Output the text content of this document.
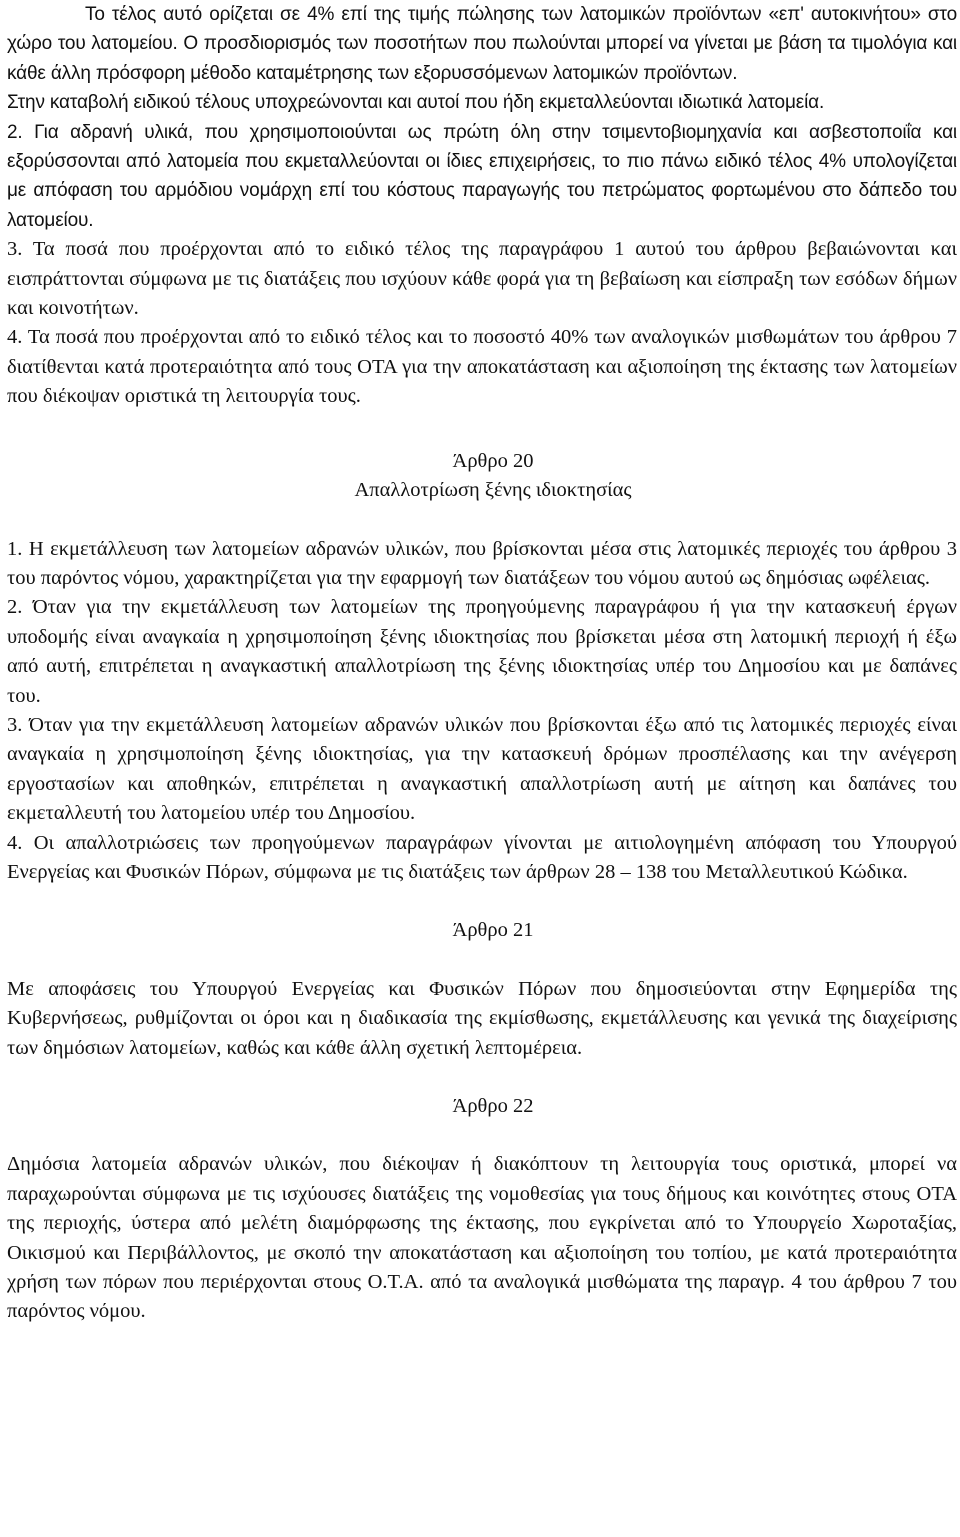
Το τέλος αυτό ορίζεται σε 4% επί της τιμής πώλησης των λατομικών προϊόντων «επ' αυτοκινήτου» στο χώρο του λατομείου. Ο προσδιορισμός των ποσοτήτων που πωλούνται μπορεί να γίνεται με βάση τα τιμολόγια και κάθε άλλη πρόσφορη μέθοδο καταμέτρησης των εξορυσσόμενων λατομικών προϊόντων.

Στην καταβολή ειδικού τέλους υποχρεώνονται και αυτοί που ήδη εκμεταλλεύονται ιδιωτικά λατομεία.

2. Για αδρανή υλικά, που χρησιμοποιούνται ως πρώτη όλη στην τσιμεντοβιομηχανία και ασβεστοποιΐα και εξορύσσονται από λατομεία που εκμεταλλεύονται οι ίδιες επιχειρήσεις, το πιο πάνω ειδικό τέλος 4% υπολογίζεται με απόφαση του αρμόδιου νομάρχη επί του κόστους παραγωγής του πετρώματος φορτωμένου στο δάπεδο του λατομείου.

3. Τα ποσά που προέρχονται από το ειδικό τέλος της παραγράφου 1 αυτού του άρθρου βεβαιώνονται και εισπράττονται σύμφωνα με τις διατάξεις που ισχύουν κάθε φορά για τη βεβαίωση και είσπραξη των εσόδων δήμων και κοινοτήτων.

4. Τα ποσά που προέρχονται από το ειδικό τέλος και το ποσοστό 40% των αναλογικών μισθωμάτων του άρθρου 7 διατίθενται κατά προτεραιότητα από τους ΟΤΑ για την αποκατάσταση και αξιοποίηση της έκτασης των λατομείων που διέκοψαν οριστικά τη λειτουργία τους.

Άρθρο 20

Απαλλοτρίωση ξένης ιδιοκτησίας

1. Η εκμετάλλευση των λατομείων αδρανών υλικών, που βρίσκονται μέσα στις λατομικές περιοχές του άρθρου 3 του παρόντος νόμου, χαρακτηρίζεται για την εφαρμογή των διατάξεων του νόμου αυτού ως δημόσιας ωφέλειας.

2. Όταν για την εκμετάλλευση των λατομείων της προηγούμενης παραγράφου ή για την κατασκευή έργων υποδομής είναι αναγκαία η χρησιμοποίηση ξένης ιδιοκτησίας που βρίσκεται μέσα στη λατομική περιοχή ή έξω από αυτή, επιτρέπεται η αναγκαστική απαλλοτρίωση της ξένης ιδιοκτησίας υπέρ του Δημοσίου και με δαπάνες του.

3. Όταν για την εκμετάλλευση λατομείων αδρανών υλικών που βρίσκονται έξω από τις λατομικές περιοχές είναι αναγκαία η χρησιμοποίηση ξένης ιδιοκτησίας, για την κατασκευή δρόμων προσπέλασης και την ανέγερση εργοστασίων και αποθηκών, επιτρέπεται η αναγκαστική απαλλοτρίωση αυτή με αίτηση και δαπάνες του εκμεταλλευτή του λατομείου υπέρ του Δημοσίου.

4. Οι απαλλοτριώσεις των προηγούμενων παραγράφων γίνονται με αιτιολογημένη απόφαση του Υπουργού Ενεργείας και Φυσικών Πόρων, σύμφωνα με τις διατάξεις των άρθρων 28 – 138 του Μεταλλευτικού Κώδικα.

Άρθρο 21

Με αποφάσεις του Υπουργού Ενεργείας και Φυσικών Πόρων που δημοσιεύονται στην Εφημερίδα της Κυβερνήσεως, ρυθμίζονται οι όροι και η διαδικασία της εκμίσθωσης, εκμετάλλευσης και γενικά της διαχείρισης των δημόσιων λατομείων, καθώς και κάθε άλλη σχετική λεπτομέρεια.

Άρθρο 22

Δημόσια λατομεία αδρανών υλικών, που διέκοψαν ή διακόπτουν τη λειτουργία τους οριστικά, μπορεί να παραχωρούνται σύμφωνα με τις ισχύουσες διατάξεις της νομοθεσίας για τους δήμους και κοινότητες στους ΟΤΑ της περιοχής, ύστερα από μελέτη διαμόρφωσης της έκτασης, που εγκρίνεται από το Υπουργείο Χωροταξίας, Οικισμού και Περιβάλλοντος, με σκοπό την αποκατάσταση και αξιοποίηση του τοπίου, με κατά προτεραιότητα χρήση των πόρων που περιέρχονται στους Ο.Τ.Α. από τα αναλογικά μισθώματα της παραγρ. 4 του άρθρου 7 του παρόντος νόμου.
